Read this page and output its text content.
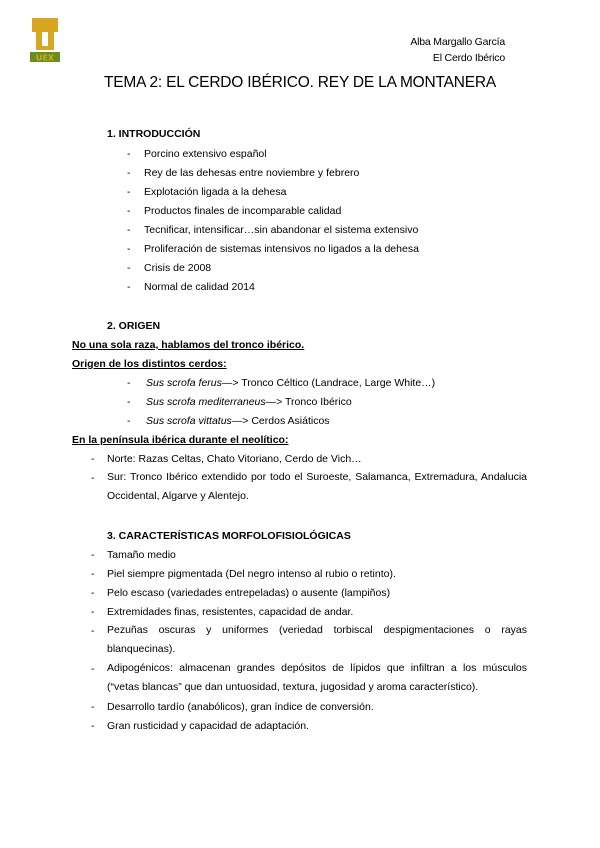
UEX
Alba Margallo García
El Cerdo Ibérico
TEMA 2: EL CERDO IBÉRICO. REY DE LA MONTANERA
1. INTRODUCCIÓN
- Porcino extensivo español
- Rey de las dehesas entre noviembre y febrero
- Explotación ligada a la dehesa
- Productos finales de incomparable calidad
- Tecnificar, intensificar…sin abandonar el sistema extensivo
- Proliferación de sistemas intensivos no ligados a la dehesa
- Crisis de 2008
- Normal de calidad 2014
2. ORIGEN
No una sola raza, hablamos del tronco ibérico.
Origen de los distintos cerdos:
- Sus scrofa ferus—> Tronco Céltico (Landrace, Large White…)
- Sus scrofa mediterraneus—> Tronco Ibérico
- Sus scrofa vittatus—> Cerdos Asiáticos
En la península ibérica durante el neolítico:
- Norte: Razas Celtas, Chato Vitoriano, Cerdo de Vich…
- Sur: Tronco Ibérico extendido por todo el Suroeste, Salamanca, Extremadura, Andalucia Occidental, Algarve y Alentejo.
3. CARACTERÍSTICAS MORFOLOFISIOLÓGICAS
- Tamaño medio
- Piel siempre pigmentada (Del negro intenso al rubio o retinto).
- Pelo escaso (variedades entrepeladas) o ausente (lampiños)
- Extremidades finas, resistentes, capacidad de andar.
- Pezuñas oscuras y uniformes (veriedad torbiscal despigmentaciones o rayas blanquecinas).
- Adipogénicos: almacenan grandes depósitos de lípidos que infiltran a los músculos (“vetas blancas” que dan untuosidad, textura, jugosidad y aroma característico).
- Desarrollo tardío (anabólicos), gran índice de conversión.
- Gran rusticidad y capacidad de adaptación.
